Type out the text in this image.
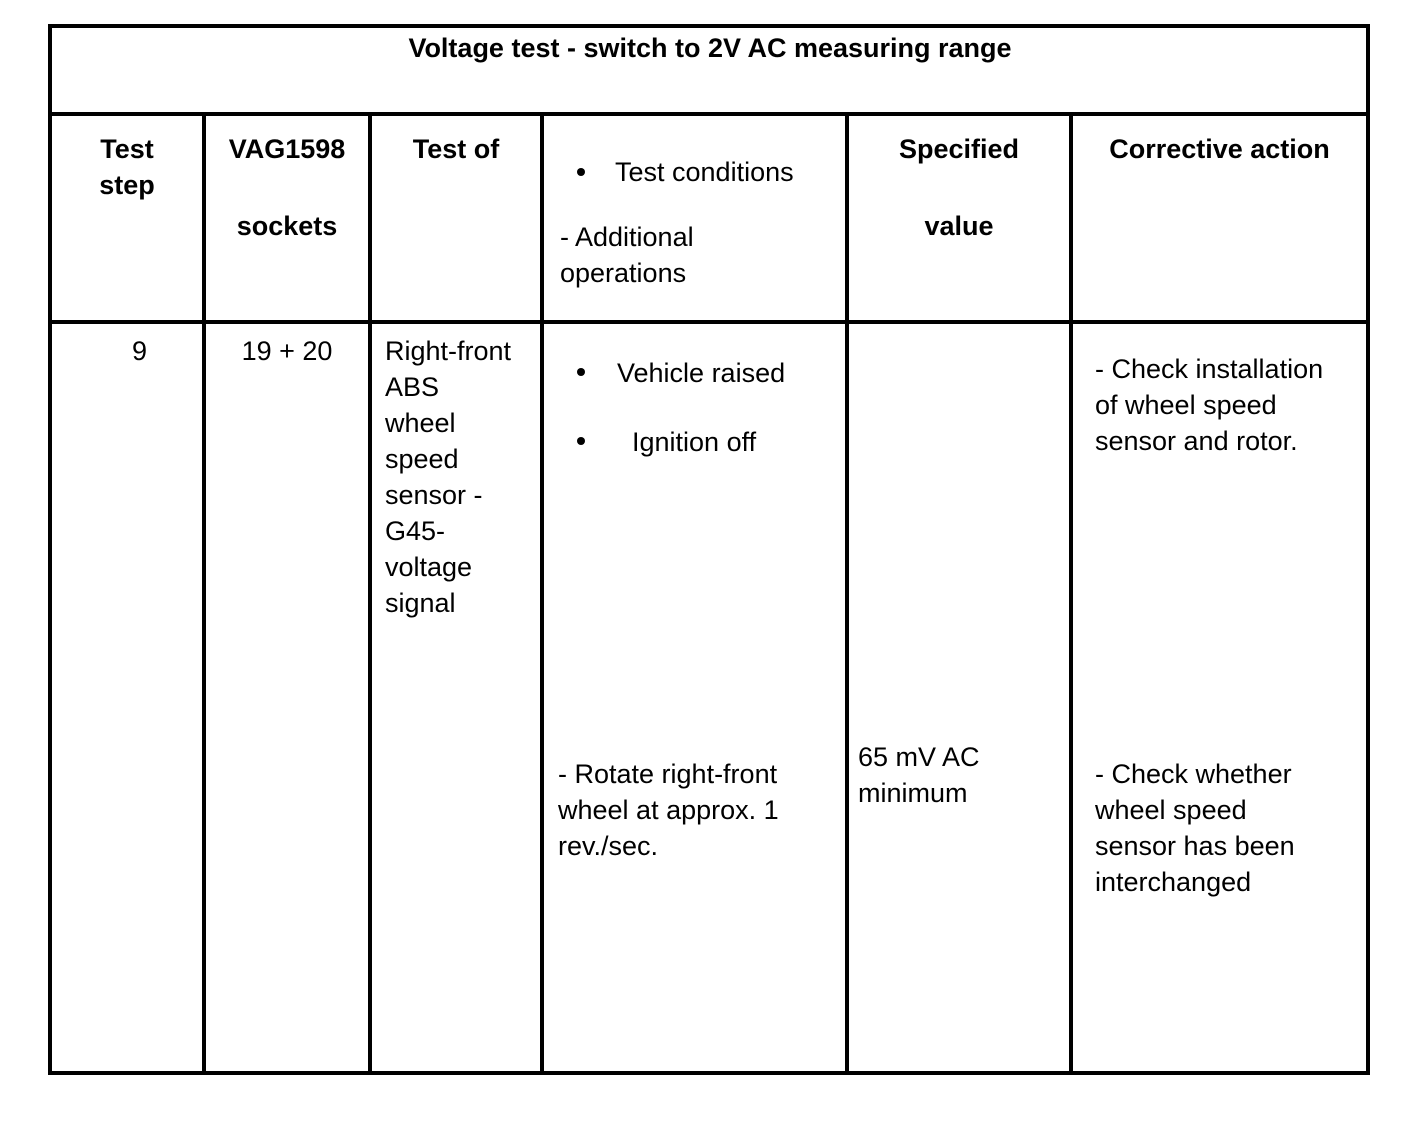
Voltage test - switch to 2V AC measuring range
Test
step
VAG1598
sockets
Test of
Test conditions
- Additional
operations
Specified
value
Corrective action
9	19 + 20	Right-front
ABS
wheel
speed
sensor -
G45-
voltage
signal
Vehicle raised
Ignition off
- Rotate right-front
wheel at approx. 1
rev./sec.
65 mV AC
minimum
- Check installation
of wheel speed
sensor and rotor.
- Check whether
wheel speed
sensor has been
interchanged
